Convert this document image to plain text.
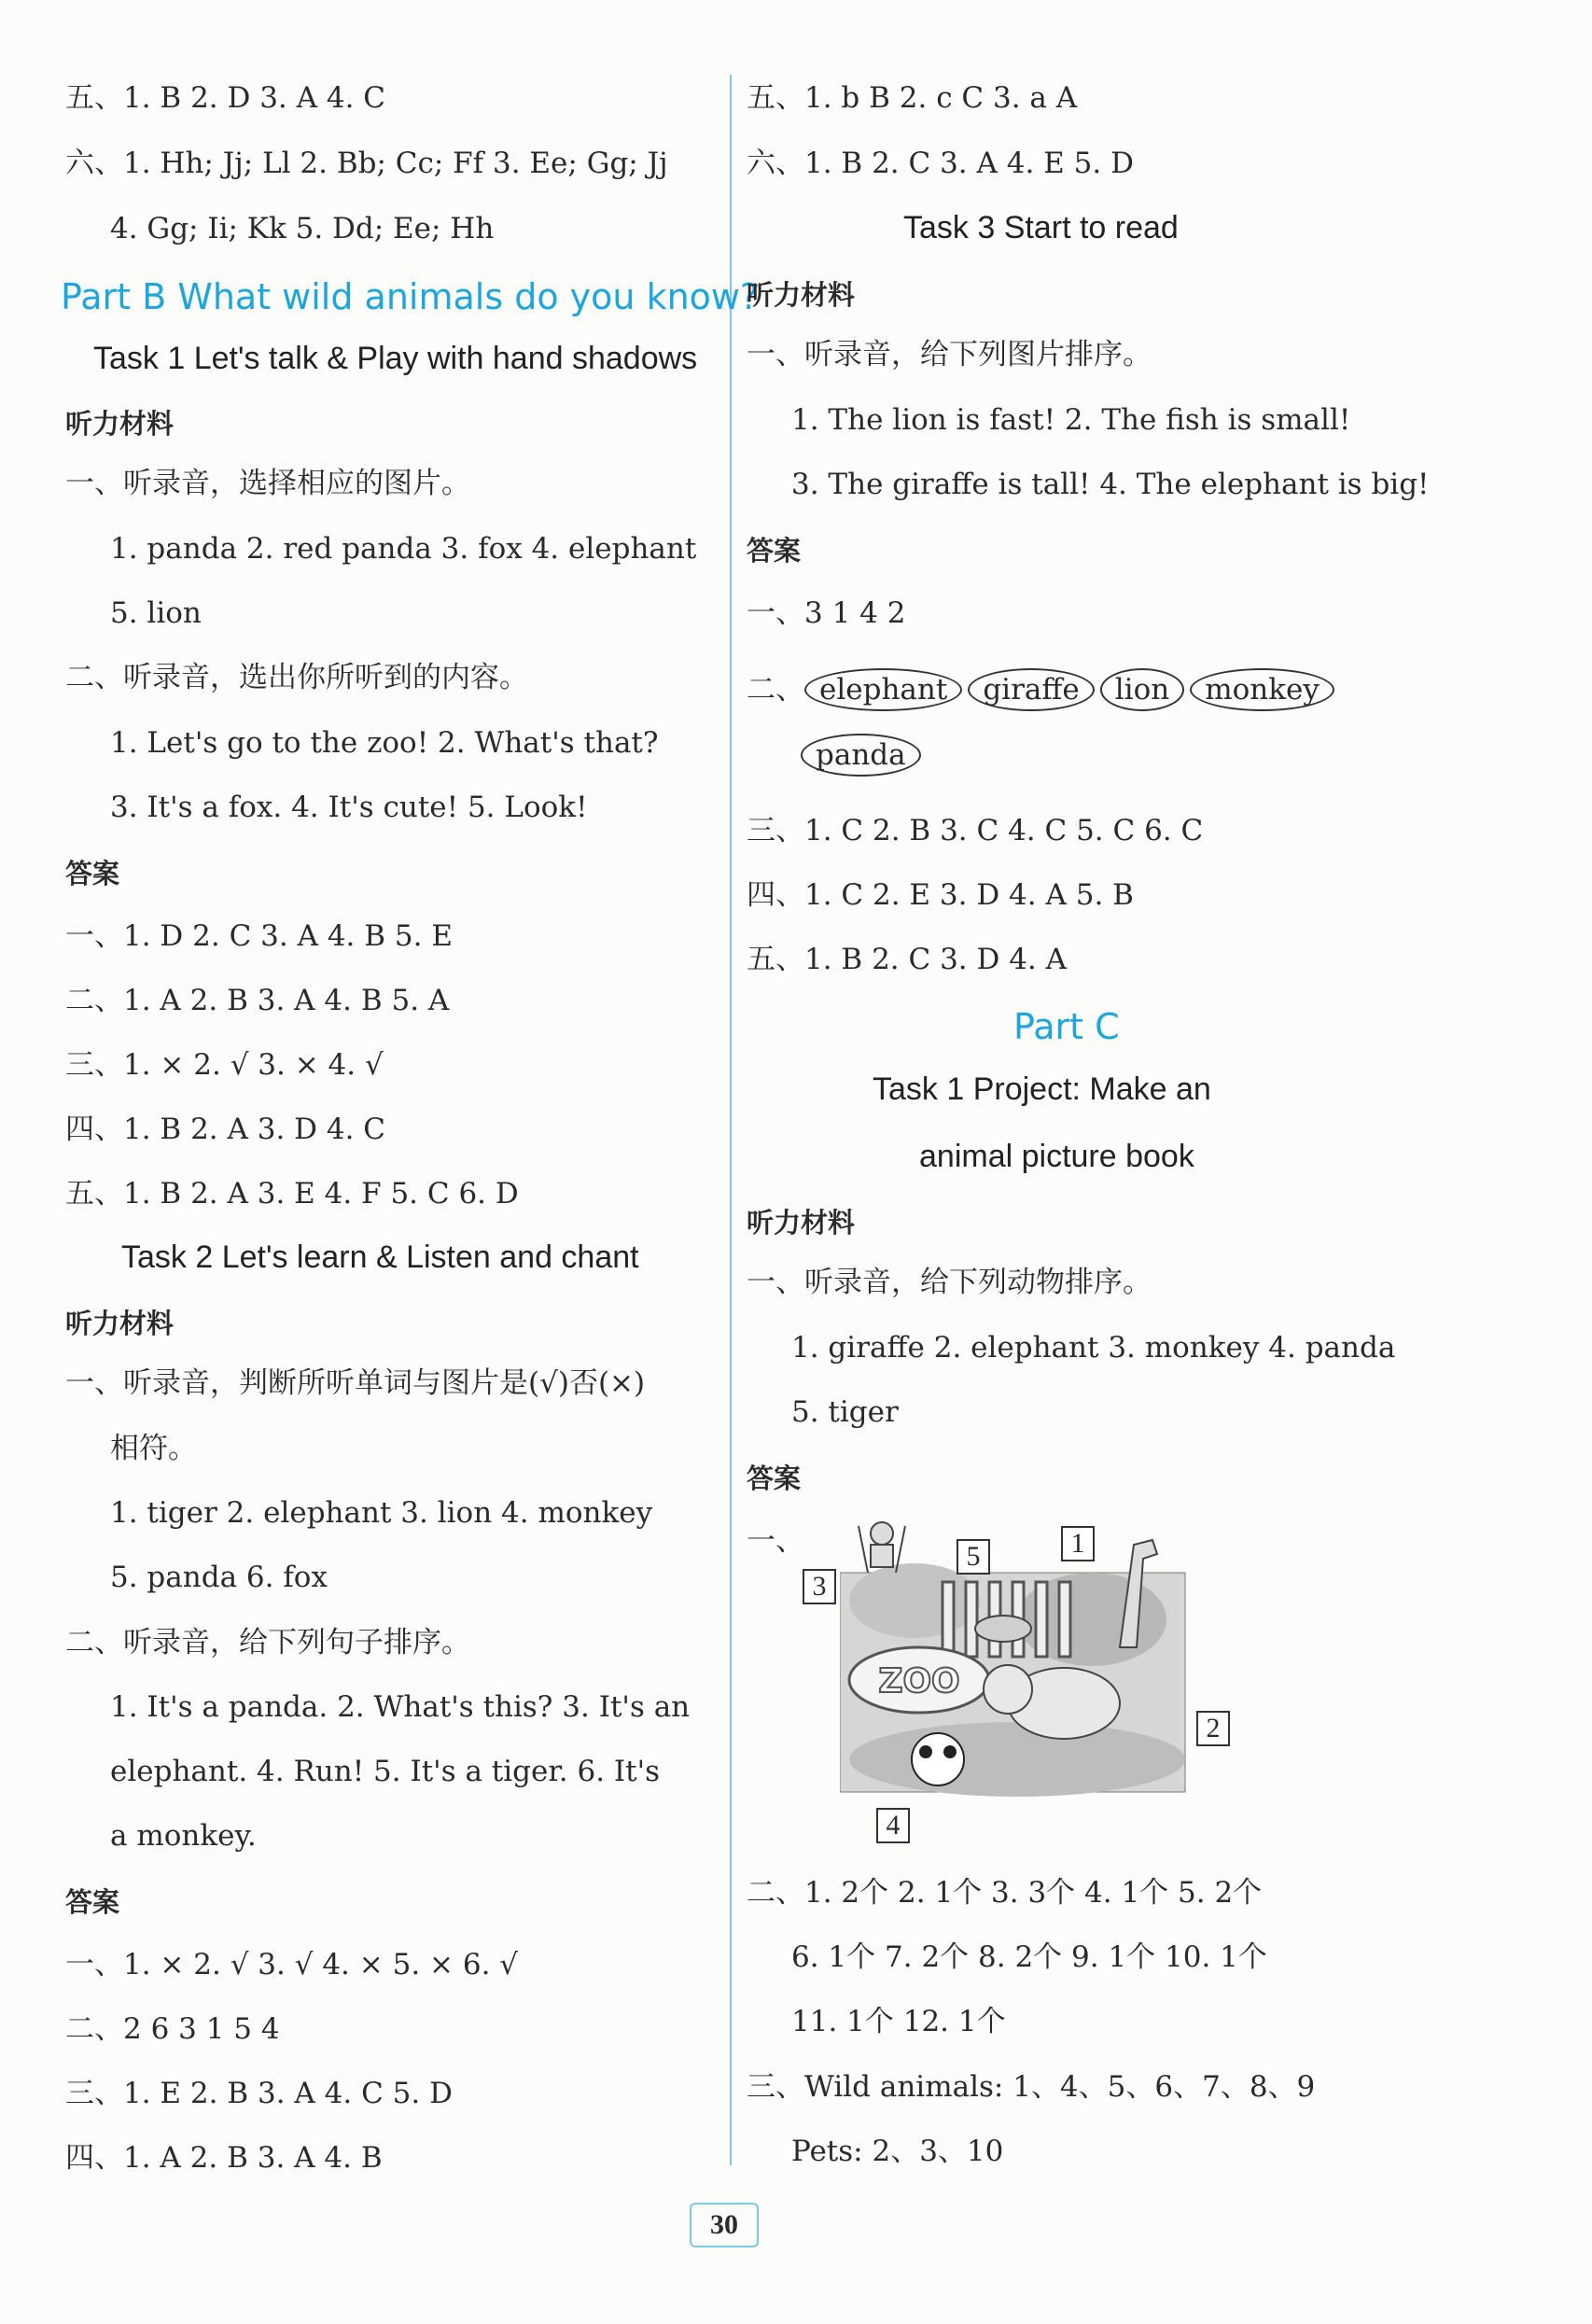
五、1. B 2. D 3. A 4. C
六、1. Hh; Jj; Ll 2. Bb; Cc; Ff 3. Ee; Gg; Jj
4. Gg; Ii; Kk 5. Dd; Ee; Hh
Part B What wild animals do you know?
Task 1 Let's talk & Play with hand shadows
听力材料
一、听录音，选择相应的图片。
1. panda 2. red panda 3. fox 4. elephant
5. lion
二、听录音，选出你所听到的内容。
1. Let's go to the zoo! 2. What's that?
3. It's a fox. 4. It's cute! 5. Look!
答案
一、1. D 2. C 3. A 4. B 5. E
二、1. A 2. B 3. A 4. B 5. A
三、1. × 2. √ 3. × 4. √
四、1. B 2. A 3. D 4. C
五、1. B 2. A 3. E 4. F 5. C 6. D
Task 2 Let's learn & Listen and chant
听力材料
一、听录音，判断所听单词与图片是(√)否(×)
相符。
1. tiger 2. elephant 3. lion 4. monkey
5. panda 6. fox
二、听录音，给下列句子排序。
1. It's a panda. 2. What's this? 3. It's an
elephant. 4. Run! 5. It's a tiger. 6. It's
a monkey.
答案
一、1. × 2. √ 3. √ 4. × 5. × 6. √
二、2 6 3 1 5 4
三、1. E 2. B 3. A 4. C 5. D
四、1. A 2. B 3. A 4. B
五、1. b B 2. c C 3. a A
六、1. B 2. C 3. A 4. E 5. D
Task 3 Start to read
听力材料
一、听录音，给下列图片排序。
1. The lion is fast! 2. The fish is small!
3. The giraffe is tall! 4. The elephant is big!
答案
一、3 1 4 2
二、 elephant giraffe lion monkey
panda
三、1. C 2. B 3. C 4. C 5. C 6. C
四、1. C 2. E 3. D 4. A 5. B
五、1. B 2. C 3. D 4. A
Part C
Task 1 Project: Make an
animal picture book
听力材料
一、听录音，给下列动物排序。
1. giraffe 2. elephant 3. monkey 4. panda
5. tiger
答案
一、
ZOO
3
5	1
2
4
二、1. 2个 2. 1个 3. 3个 4. 1个 5. 2个
6. 1个 7. 2个 8. 2个 9. 1个 10. 1个
11. 1个 12. 1个
三、Wild animals: 1、4、5、6、7、8、9
Pets: 2、3、10
30
